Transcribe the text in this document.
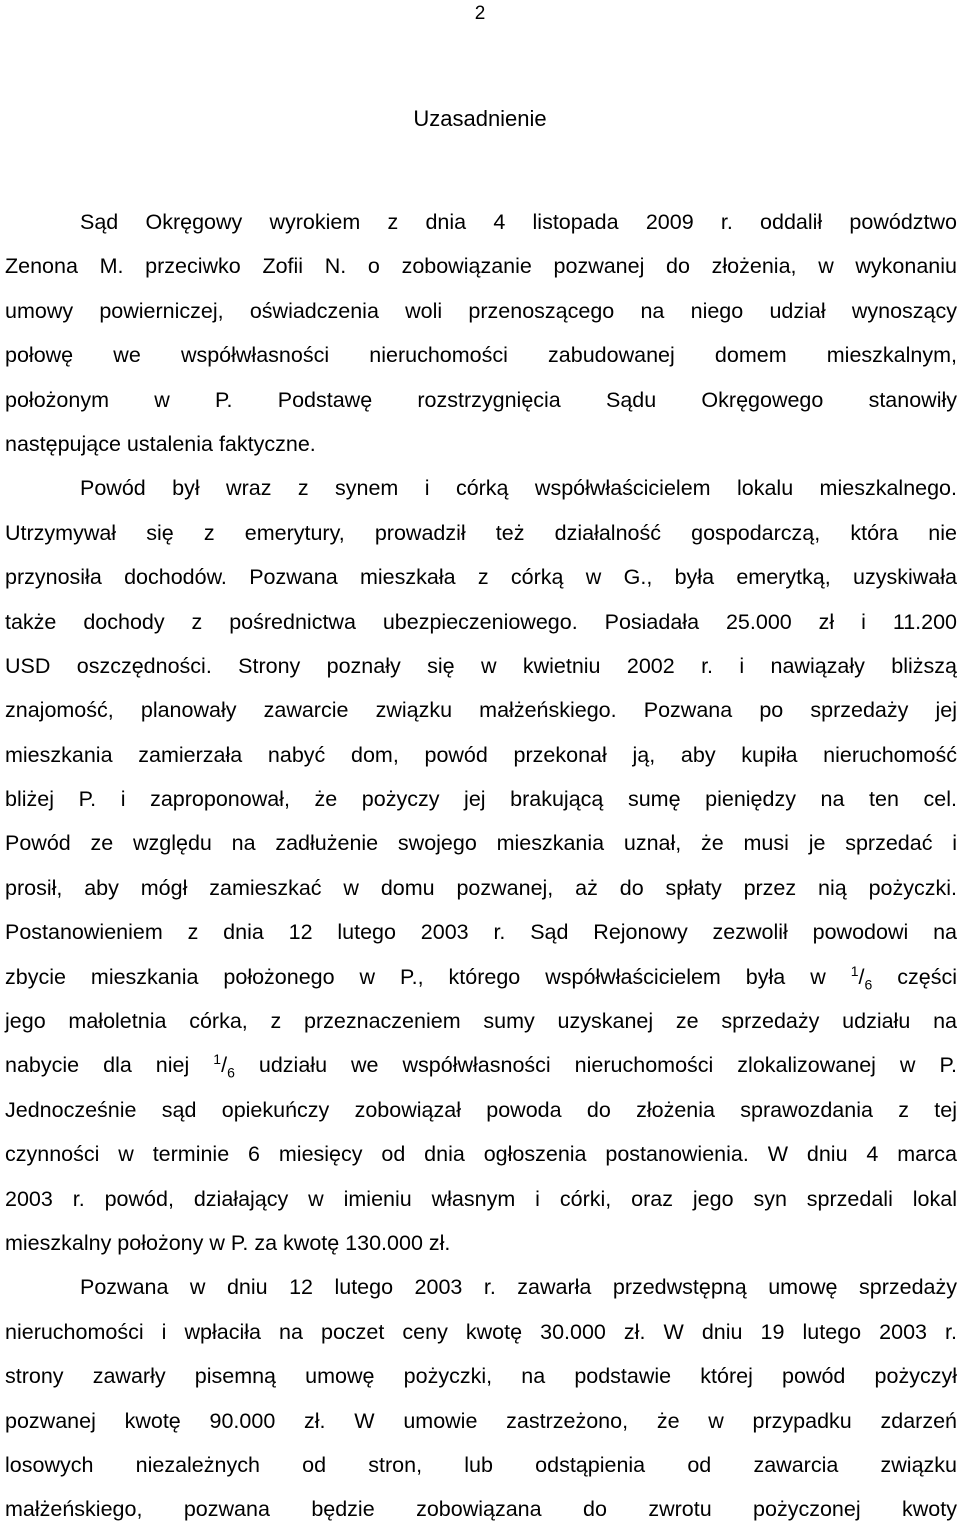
2
Uzasadnienie
Sąd Okręgowy wyrokiem z dnia 4 listopada 2009 r. oddalił powództwo
Zenona M. przeciwko Zofii N. o zobowiązanie pozwanej do złożenia, w wykonaniu
umowy powierniczej, oświadczenia woli przenoszącego na niego udział wynoszący
połowę we współwłasności nieruchomości zabudowanej domem mieszkalnym,
położonym w P. Podstawę rozstrzygnięcia Sądu Okręgowego stanowiły
następujące ustalenia faktyczne.
Powód był wraz z synem i córką współwłaścicielem lokalu mieszkalnego.
Utrzymywał się z emerytury, prowadził też działalność gospodarczą, która nie
przynosiła dochodów. Pozwana mieszkała z córką w G., była emerytką, uzyskiwała
także dochody z pośrednictwa ubezpieczeniowego. Posiadała 25.000 zł i 11.200
USD oszczędności. Strony poznały się w kwietniu 2002 r. i nawiązały bliższą
znajomość, planowały zawarcie związku małżeńskiego. Pozwana po sprzedaży jej
mieszkania zamierzała nabyć dom, powód przekonał ją, aby kupiła nieruchomość
bliżej P. i zaproponował, że pożyczy jej brakującą sumę pieniędzy na ten cel.
Powód ze względu na zadłużenie swojego mieszkania uznał, że musi je sprzedać i
prosił, aby mógł zamieszkać w domu pozwanej, aż do spłaty przez nią pożyczki.
Postanowieniem z dnia 12 lutego 2003 r. Sąd Rejonowy zezwolił powodowi na
zbycie mieszkania położonego w P., którego współwłaścicielem była w $^1/_6$ części
jego małoletnia córka, z przeznaczeniem sumy uzyskanej ze sprzedaży udziału na
nabycie dla niej $^1/_6$ udziału we współwłasności nieruchomości zlokalizowanej w P.
Jednocześnie sąd opiekuńczy zobowiązał powoda do złożenia sprawozdania z tej
czynności w terminie 6 miesięcy od dnia ogłoszenia postanowienia. W dniu 4 marca
2003 r. powód, działający w imieniu własnym i córki, oraz jego syn sprzedali lokal
mieszkalny położony w P. za kwotę 130.000 zł.
Pozwana w dniu 12 lutego 2003 r. zawarła przedwstępną umowę sprzedaży
nieruchomości i wpłaciła na poczet ceny kwotę 30.000 zł. W dniu 19 lutego 2003 r.
strony zawarły pisemną umowę pożyczki, na podstawie której powód pożyczył
pozwanej kwotę 90.000 zł. W umowie zastrzeżono, że w przypadku zdarzeń
losowych niezależnych od stron, lub odstąpienia od zawarcia związku
małżeńskiego, pozwana będzie zobowiązana do zwrotu pożyczonej kwoty
